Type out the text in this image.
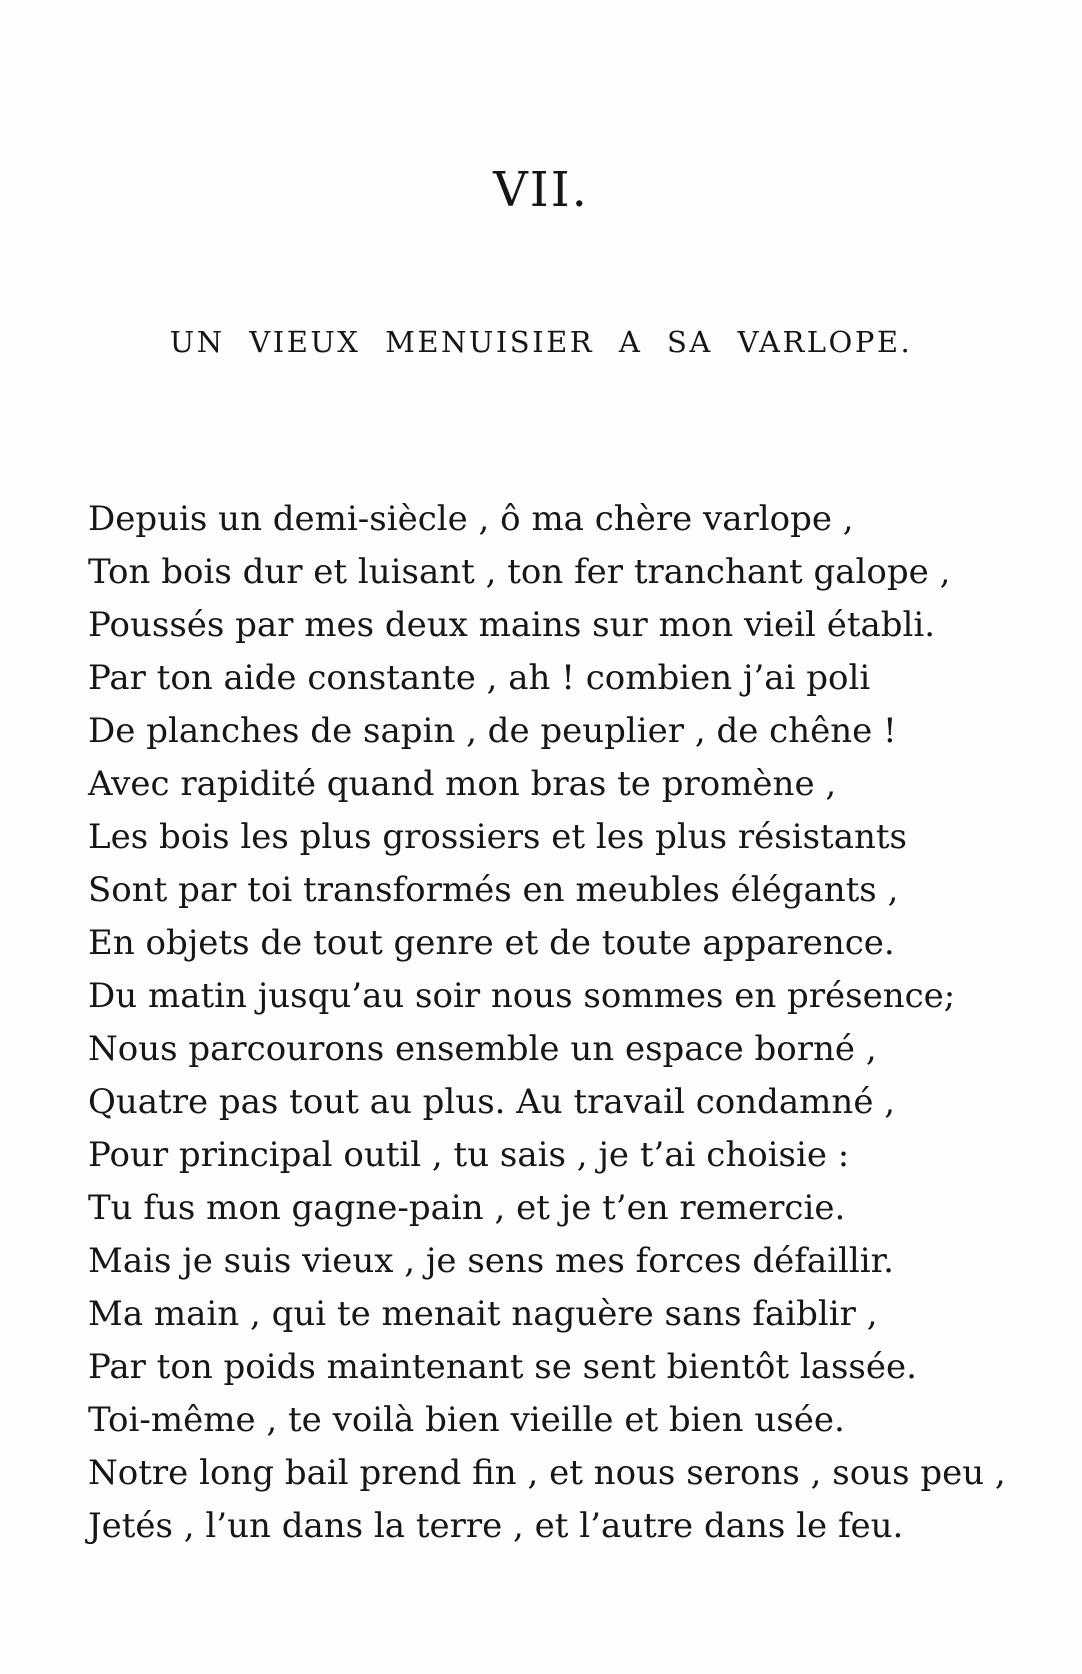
VII.
UN VIEUX MENUISIER A SA VARLOPE.
Depuis un demi-siècle , ô ma chère varlope ,
Ton bois dur et luisant , ton fer tranchant galope ,
Poussés par mes deux mains sur mon vieil établi.
Par ton aide constante , ah ! combien j’ai poli
De planches de sapin , de peuplier , de chêne !
Avec rapidité quand mon bras te promène ,
Les bois les plus grossiers et les plus résistants
Sont par toi transformés en meubles élégants ,
En objets de tout genre et de toute apparence.
Du matin jusqu’au soir nous sommes en présence;
Nous parcourons ensemble un espace borné ,
Quatre pas tout au plus. Au travail condamné ,
Pour principal outil , tu sais , je t’ai choisie :
Tu fus mon gagne-pain , et je t’en remercie.
Mais je suis vieux , je sens mes forces défaillir.
Ma main , qui te menait naguère sans faiblir ,
Par ton poids maintenant se sent bientôt lassée.
Toi-même , te voilà bien vieille et bien usée.
Notre long bail prend fin , et nous serons , sous peu ,
Jetés , l’un dans la terre , et l’autre dans le feu.
